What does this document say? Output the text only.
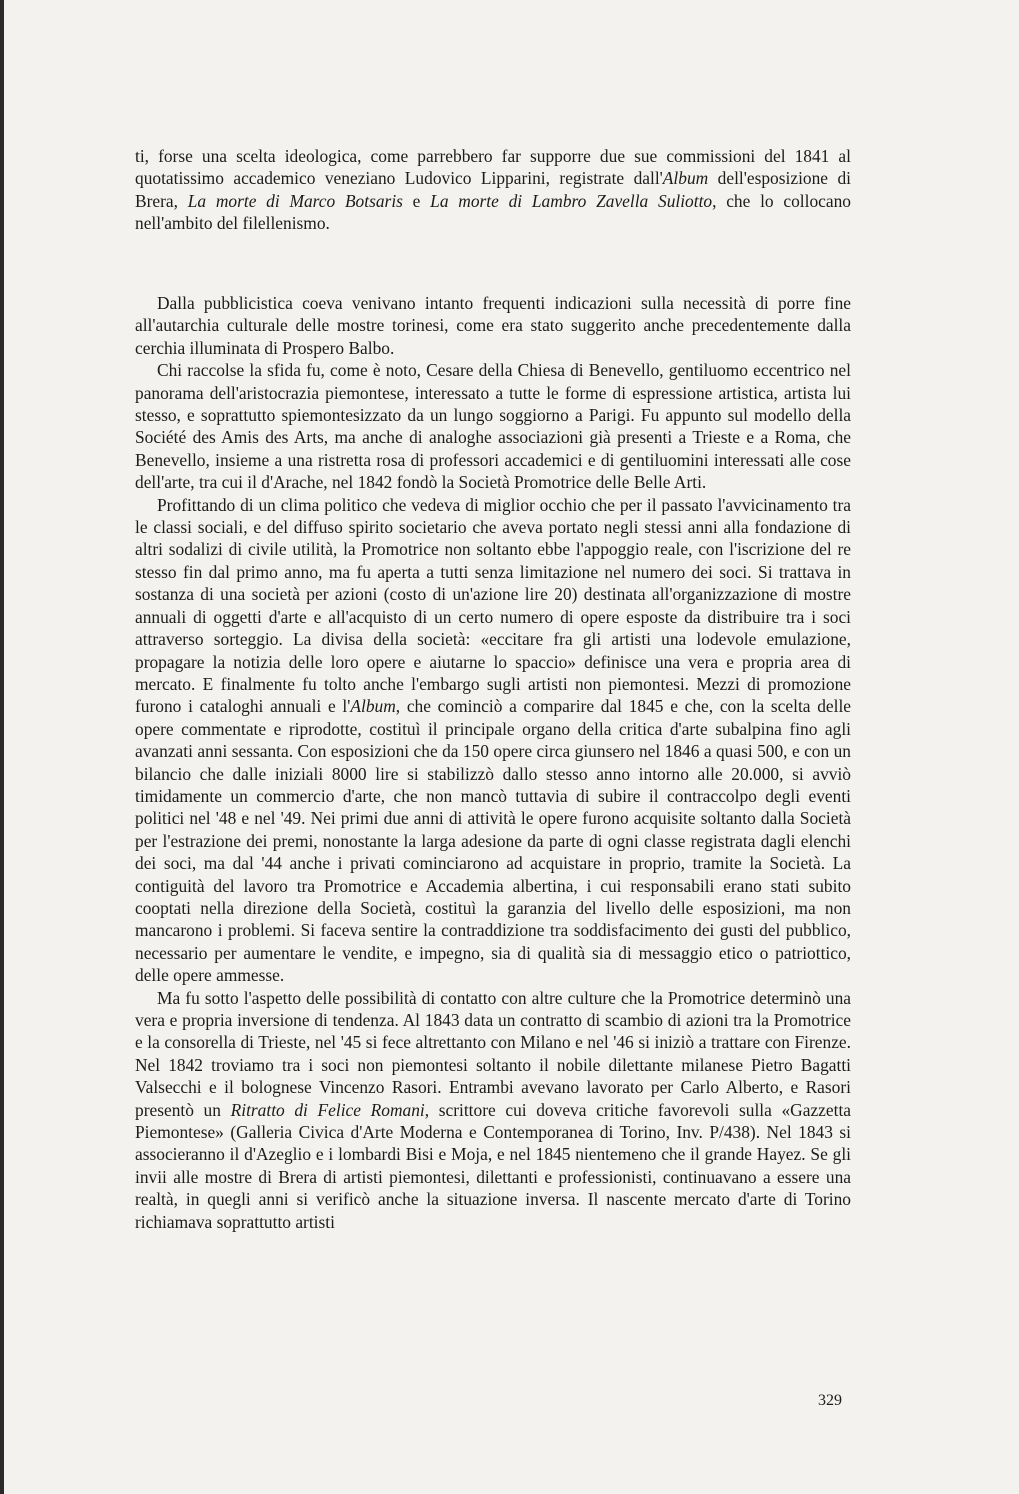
ti, forse una scelta ideologica, come parrebbero far supporre due sue commissioni del 1841 al quotatissimo accademico veneziano Ludovico Lipparini, registrate dall'Album dell'esposizione di Brera, La morte di Marco Botsaris e La morte di Lambro Zavella Suliotto, che lo collocano nell'ambito del filellenismo.

Dalla pubblicistica coeva venivano intanto frequenti indicazioni sulla necessità di porre fine all'autarchia culturale delle mostre torinesi, come era stato suggerito anche precedentemente dalla cerchia illuminata di Prospero Balbo.

Chi raccolse la sfida fu, come è noto, Cesare della Chiesa di Benevello, gentiluomo eccentrico nel panorama dell'aristocrazia piemontese, interessato a tutte le forme di espressione artistica, artista lui stesso, e soprattutto spiemontesizzato da un lungo soggiorno a Parigi. Fu appunto sul modello della Société des Amis des Arts, ma anche di analoghe associazioni già presenti a Trieste e a Roma, che Benevello, insieme a una ristretta rosa di professori accademici e di gentiluomini interessati alle cose dell'arte, tra cui il d'Arache, nel 1842 fondò la Società Promotrice delle Belle Arti.

Profittando di un clima politico che vedeva di miglior occhio che per il passato l'avvicinamento tra le classi sociali, e del diffuso spirito societario che aveva portato negli stessi anni alla fondazione di altri sodalizi di civile utilità, la Promotrice non soltanto ebbe l'appoggio reale, con l'iscrizione del re stesso fin dal primo anno, ma fu aperta a tutti senza limitazione nel numero dei soci. Si trattava in sostanza di una società per azioni (costo di un'azione lire 20) destinata all'organizzazione di mostre annuali di oggetti d'arte e all'acquisto di un certo numero di opere esposte da distribuire tra i soci attraverso sorteggio. La divisa della società: «eccitare fra gli artisti una lodevole emulazione, propagare la notizia delle loro opere e aiutarne lo spaccio» definisce una vera e propria area di mercato. E finalmente fu tolto anche l'embargo sugli artisti non piemontesi. Mezzi di promozione furono i cataloghi annuali e l'Album, che cominciò a comparire dal 1845 e che, con la scelta delle opere commentate e riprodotte, costituì il principale organo della critica d'arte subalpina fino agli avanzati anni sessanta. Con esposizioni che da 150 opere circa giunsero nel 1846 a quasi 500, e con un bilancio che dalle iniziali 8000 lire si stabilizzò dallo stesso anno intorno alle 20.000, si avviò timidamente un commercio d'arte, che non mancò tuttavia di subire il contraccolpo degli eventi politici nel '48 e nel '49. Nei primi due anni di attività le opere furono acquisite soltanto dalla Società per l'estrazione dei premi, nonostante la larga adesione da parte di ogni classe registrata dagli elenchi dei soci, ma dal '44 anche i privati cominciarono ad acquistare in proprio, tramite la Società. La contiguità del lavoro tra Promotrice e Accademia albertina, i cui responsabili erano stati subito cooptati nella direzione della Società, costituì la garanzia del livello delle esposizioni, ma non mancarono i problemi. Si faceva sentire la contraddizione tra soddisfacimento dei gusti del pubblico, necessario per aumentare le vendite, e impegno, sia di qualità sia di messaggio etico o patriottico, delle opere ammesse.

Ma fu sotto l'aspetto delle possibilità di contatto con altre culture che la Promotrice determinò una vera e propria inversione di tendenza. Al 1843 data un contratto di scambio di azioni tra la Promotrice e la consorella di Trieste, nel '45 si fece altrettanto con Milano e nel '46 si iniziò a trattare con Firenze. Nel 1842 troviamo tra i soci non piemontesi soltanto il nobile dilettante milanese Pietro Bagatti Valsecchi e il bolognese Vincenzo Rasori. Entrambi avevano lavorato per Carlo Alberto, e Rasori presentò un Ritratto di Felice Romani, scrittore cui doveva critiche favorevoli sulla «Gazzetta Piemontese» (Galleria Civica d'Arte Moderna e Contemporanea di Torino, Inv. P/438). Nel 1843 si associeranno il d'Azeglio e i lombardi Bisi e Moja, e nel 1845 nientemeno che il grande Hayez. Se gli invii alle mostre di Brera di artisti piemontesi, dilettanti e professionisti, continuavano a essere una realtà, in quegli anni si verificò anche la situazione inversa. Il nascente mercato d'arte di Torino richiamava soprattutto artisti

329
